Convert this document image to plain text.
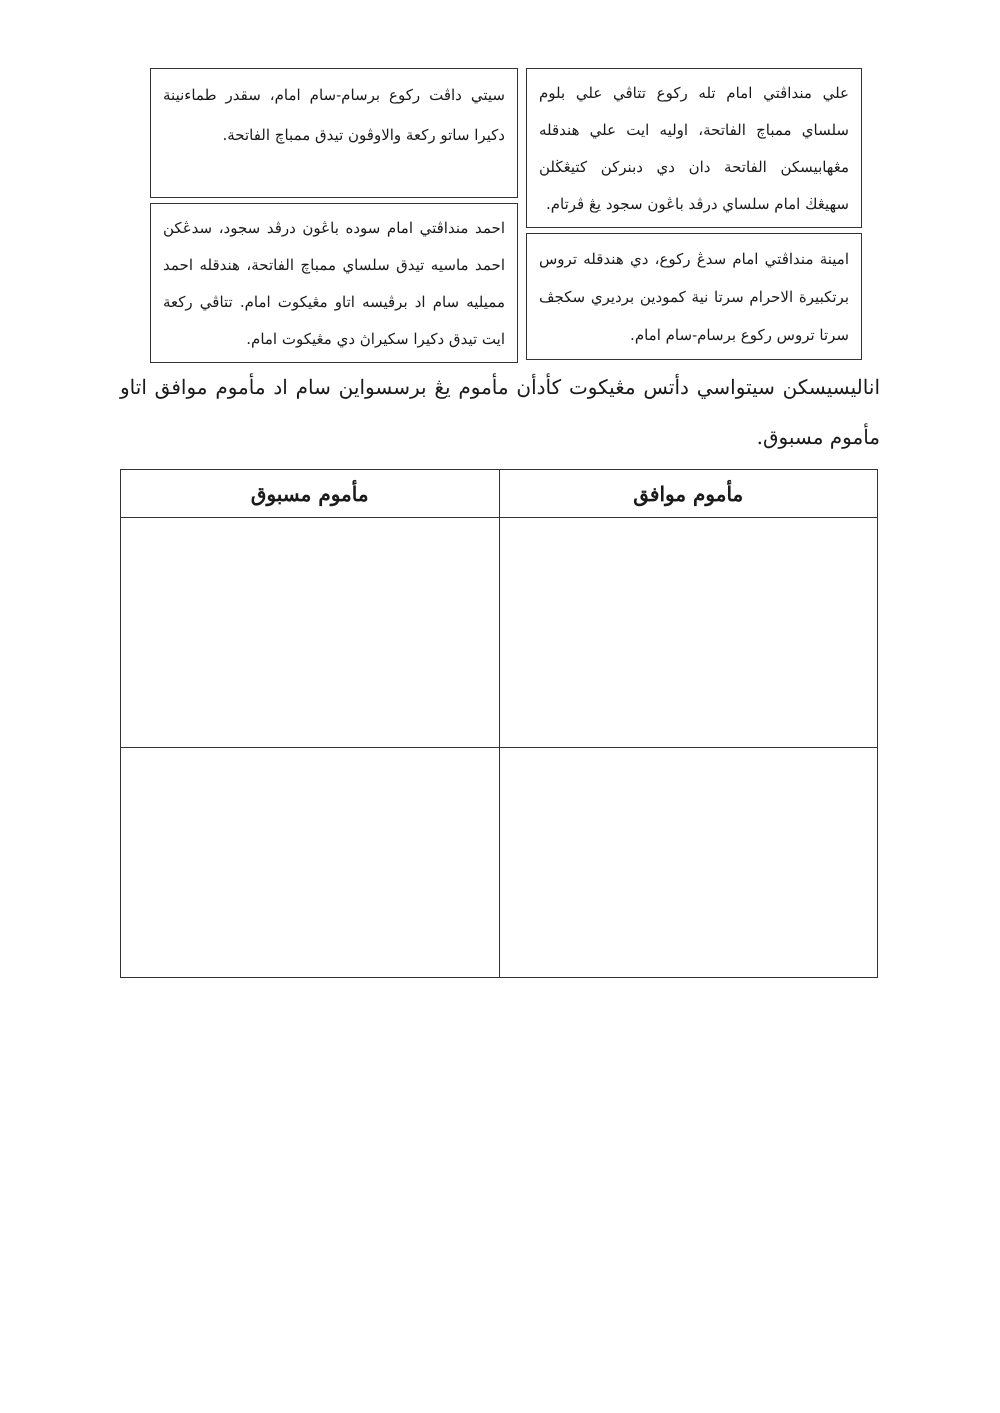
علي منداڤتي امام تله ركوع تتاڤي علي بلوم سلساي ممباچ الفاتحة، اوليه ايت علي هندقله مڠهابيسكن الفاتحة دان دي دبنركن كتيڠڬلن سهيڠڬ امام سلساي درڤد باڠون سجود يڠ ڤرتام.

سيتي داڤت ركوع برسام-سام امام، سقدر طماءنينة دكيرا ساتو ركعة والاوڤون تيدق ممباچ الفاتحة.

احمد منداڤتي امام سوده باڠون درڤد سجود، سدڠكن احمد ماسيه تيدق سلساي ممباچ الفاتحة، هندقله احمد مميليه سام اد برڤيسه اتاو مڠيكوت امام. تتاڤي ركعة ايت تيدق دكيرا سكيراڽ دي مڠيكوت امام.

امينة منداڤتي امام سدڠ ركوع، دي هندقله تروس برتكبيرة الاحرام سرتا نية كمودين برديري سكجڤ سرتا تروس ركوع برسام-سام امام.

اناليسيسكن سيتواسي دأتس مڠيكوت كأدأن مأموم يڠ برسسواين سام اد مأموم موافق اتاو مأموم مسبوق.

مأموم موافق	مأموم مسبوق
